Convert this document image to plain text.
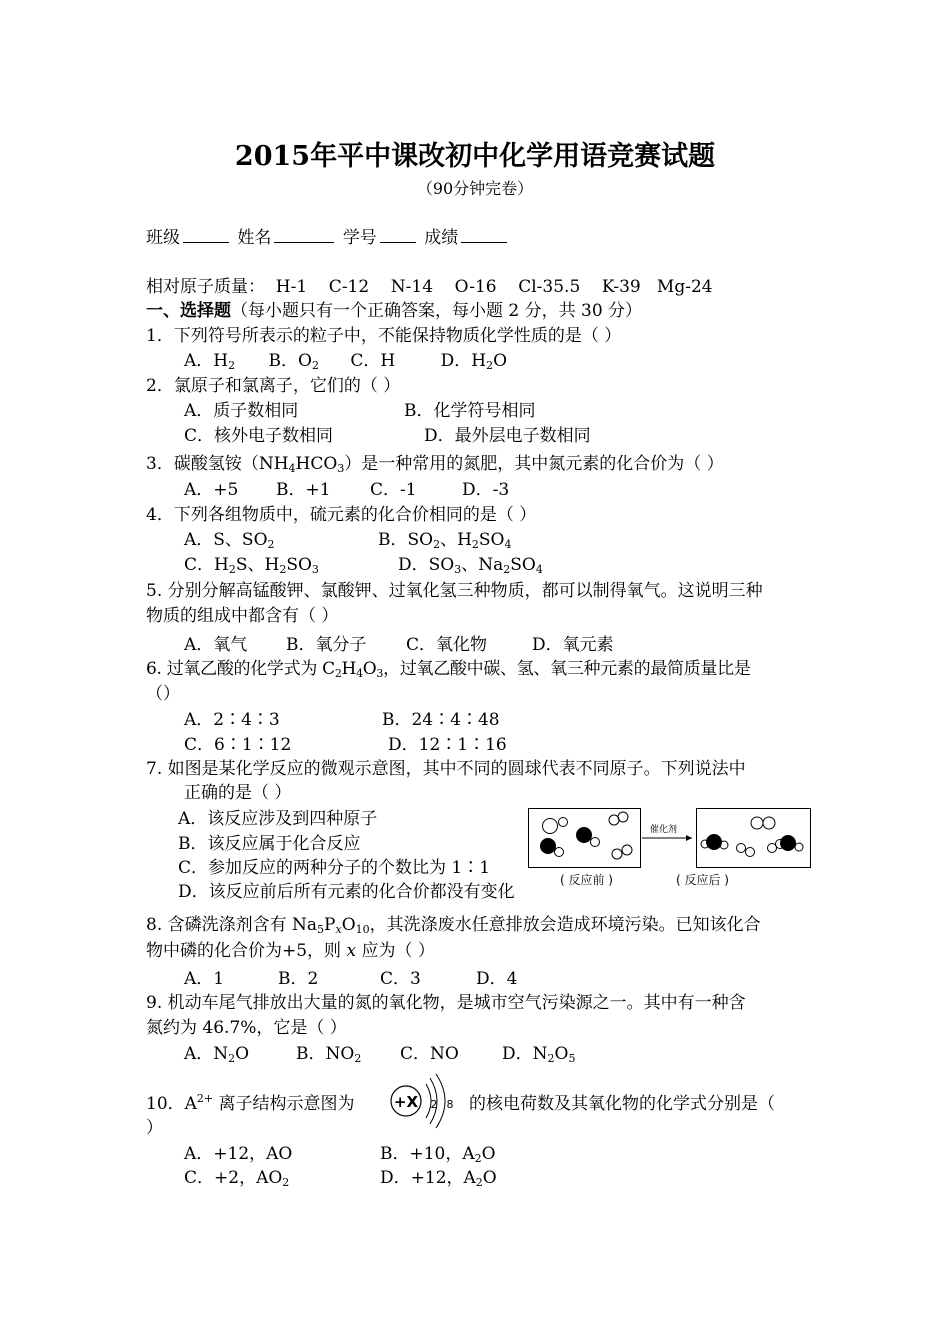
2015年平中课改初中化学用语竞赛试题
（90分钟完卷）
班级	姓名	学号	成绩
相对原子质量：  H-1    C-12    N-14    O-16    Cl-35.5    K-39   Mg-24
一、选择题（每小题只有一个正确答案，每小题 2 分，共 30 分）
1．下列符号所表示的粒子中，不能保持物质化学性质的是（ ）
A．$H_2$ B．$O_2$ C．H	D．$H_2O$
2．氯原子和氯离子，它们的（ ）
A．质子数相同	B．化学符号相同
C．核外电子数相同	D．最外层电子数相同
3．碳酸氢铵$(NH_4HCO_3)$是一种常用的氮肥，其中氮元素的化合价为（ ）
A．+5 B．+1 C．-1	D．-3
4．下列各组物质中，硫元素的化合价相同的是（ ）
A．S、$SO_2$	B．$SO_2$、$H_2SO_4$
C．$H_2S$、$H_2SO_3$	D．$SO_3$、$Na_2SO_4$
5. 分别分解高锰酸钾、氯酸钾、过氧化氢三种物质，都可以制得氧气。这说明三种
物质的组成中都含有（ ）
A．氧气 B．氧分子 C．氧化物	D．氧元素
6. 过氧乙酸的化学式为 $C_2H_4O_3$，过氧乙酸中碳、氢、氧三种元素的最简质量比是
（）
A．2∶4∶3	B．24∶4∶48
C．6∶1∶12	D．12∶1∶16
7. 如图是某化学反应的微观示意图，其中不同的圆球代表不同原子。下列说法中
正确的是（ ）
A．该反应涉及到四种原子
B．该反应属于化合反应
C．参加反应的两种分子的个数比为 1∶1
D．该反应前后所有元素的化合价都没有变化
催化剂
( 反应前 )	( 反应后 )
8. 含磷洗涤剂含有 $Na_5P_xO_{10}$，其洗涤废水任意排放会造成环境污染。已知该化合
物中磷的化合价为+5，则 x 应为（ ）
A．1	B．2	C．3	D．4
9. 机动车尾气排放出大量的氮的氧化物，是城市空气污染源之一。其中有一种含
氮约为 46.7%，它是（ ）
A．$N_2O$	B．$NO_2$ C．NO	D．$N_2O_5$
10．$A^{2+}$ 离子结构示意图为	+X 2 8 的核电荷数及其氧化物的化学式分别是（
）
A．+12，AO	B．+10，$A_2O$
C．+2，$AO_2$	D．+12，$A_2O$
